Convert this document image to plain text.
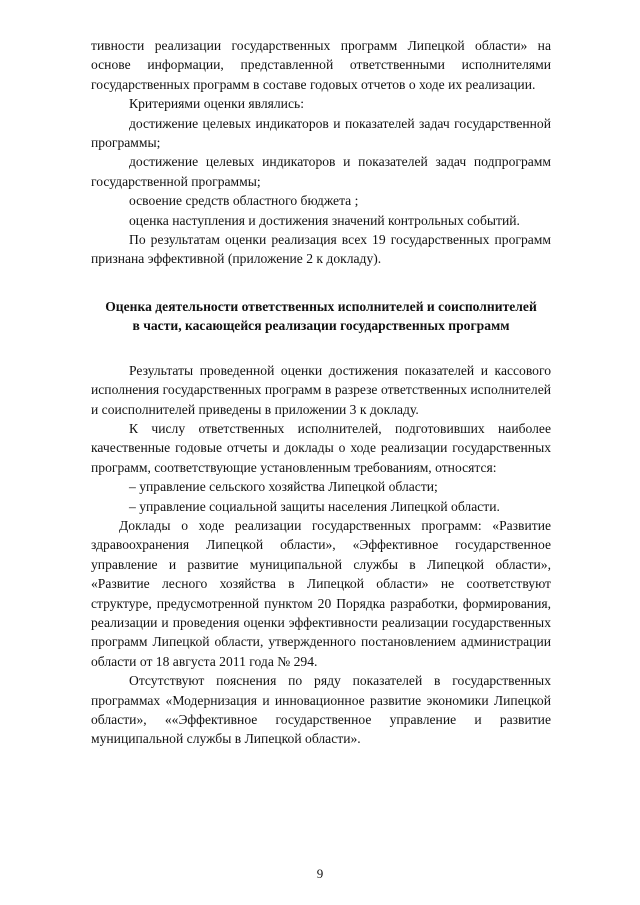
тивности реализации государственных программ Липецкой области» на основе информации, представленной ответственными исполнителями государственных программ в составе годовых отчетов о ходе их реализации.

Критериями оценки являлись:

достижение целевых индикаторов и показателей задач государственной программы;

достижение целевых индикаторов и показателей задач подпрограмм государственной программы;

освоение средств областного бюджета ;

оценка наступления и достижения значений контрольных событий.

По результатам оценки реализация всех 19 государственных программ признана эффективной (приложение 2 к докладу).

Оценка деятельности ответственных исполнителей и соисполнителей
в части, касающейся реализации государственных программ

Результаты проведенной оценки достижения показателей и кассового исполнения государственных программ в разрезе ответственных исполнителей и соисполнителей приведены в приложении 3 к докладу.

К числу ответственных исполнителей, подготовивших наиболее качественные годовые отчеты и доклады о ходе реализации государственных программ, соответствующие установленным требованиям, относятся:

– управление сельского хозяйства Липецкой области;

– управление социальной защиты населения Липецкой области.

Доклады о ходе реализации государственных программ: «Развитие здравоохранения Липецкой области», «Эффективное государственное управление и развитие муниципальной службы в Липецкой области», «Развитие лесного хозяйства в Липецкой области» не соответствуют структуре, предусмотренной пунктом 20 Порядка разработки, формирования, реализации и проведения оценки эффективности реализации государственных программ Липецкой области, утвержденного постановлением администрации области от 18 августа 2011 года № 294.

Отсутствуют пояснения по ряду показателей в государственных программах «Модернизация и инновационное развитие экономики Липецкой области», ««Эффективное государственное управление и развитие муниципальной службы в Липецкой области».

9
